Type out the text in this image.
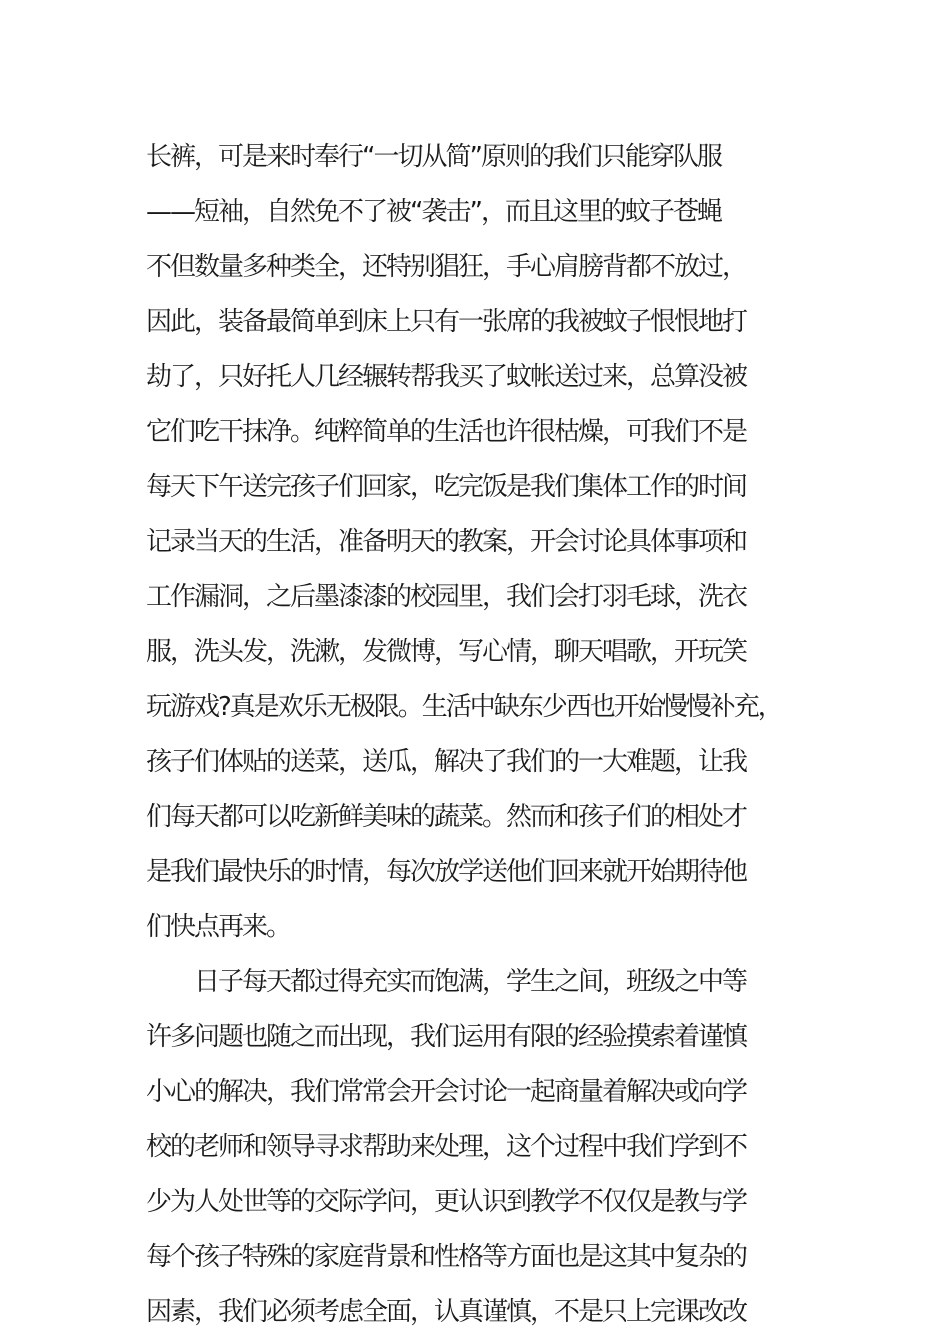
长裤，可是来时奉行“一切从简”原则的我们只能穿队服
——短袖，自然免不了被“袭击”，而且这里的蚊子苍蝇
不但数量多种类全，还特别猖狂，手心肩膀背都不放过，
因此，装备最简单到床上只有一张席的我被蚊子恨恨地打
劫了，只好托人几经辗转帮我买了蚊帐送过来，总算没被
它们吃干抹净。纯粹简单的生活也许很枯燥，可我们不是
每天下午送完孩子们回家，吃完饭是我们集体工作的时间
记录当天的生活，准备明天的教案，开会讨论具体事项和
工作漏洞，之后墨漆漆的校园里，我们会打羽毛球，洗衣
服，洗头发，洗漱，发微博，写心情，聊天唱歌，开玩笑
玩游戏?真是欢乐无极限。生活中缺东少西也开始慢慢补充，
孩子们体贴的送菜，送瓜，解决了我们的一大难题，让我
们每天都可以吃新鲜美味的蔬菜。然而和孩子们的相处才
是我们最快乐的时情，每次放学送他们回来就开始期待他
们快点再来。
　　日子每天都过得充实而饱满，学生之间，班级之中等
许多问题也随之而出现，我们运用有限的经验摸索着谨慎
小心的解决，我们常常会开会讨论一起商量着解决或向学
校的老师和领导寻求帮助来处理，这个过程中我们学到不
少为人处世等的交际学问，更认识到教学不仅仅是教与学
每个孩子特殊的家庭背景和性格等方面也是这其中复杂的
因素，我们必须考虑全面，认真谨慎，不是只上完课改改
